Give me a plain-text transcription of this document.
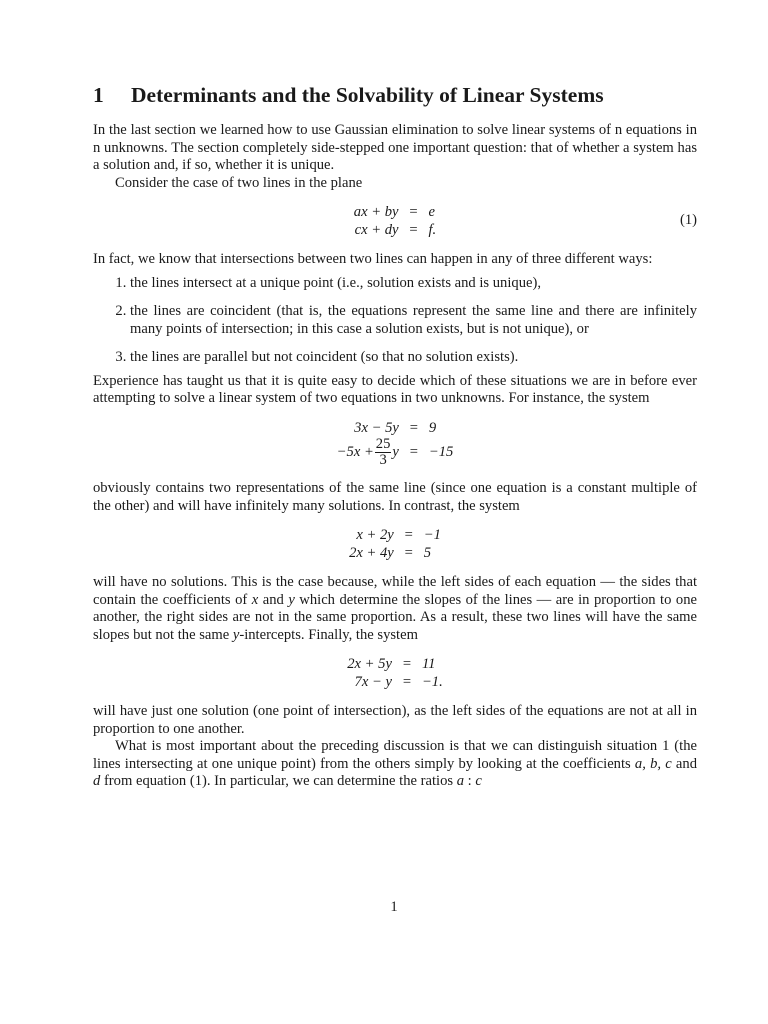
1 Determinants and the Solvability of Linear Systems

In the last section we learned how to use Gaussian elimination to solve linear systems of n equations in n unknowns. The section completely side-stepped one important question: that of whether a system has a solution and, if so, whether it is unique.

Consider the case of two lines in the plane

ax + by = e
cx + dy = f.
(1)

In fact, we know that intersections between two lines can happen in any of three different ways:

1. the lines intersect at a unique point (i.e., solution exists and is unique),
2. the lines are coincident (that is, the equations represent the same line and there are infinitely many points of intersection; in this case a solution exists, but is not unique), or
3. the lines are parallel but not coincident (so that no solution exists).

Experience has taught us that it is quite easy to decide which of these situations we are in before ever attempting to solve a linear system of two equations in two unknowns. For instance, the system

3x − 5y = 9
$-5x + \frac{25}{3}$ y = −15

obviously contains two representations of the same line (since one equation is a constant multiple of the other) and will have infinitely many solutions. In contrast, the system

x + 2y = −1
2x + 4y = 5

will have no solutions. This is the case because, while the left sides of each equation — the sides that contain the coefficients of x and y which determine the slopes of the lines — are in proportion to one another, the right sides are not in the same proportion. As a result, these two lines will have the same slopes but not the same y-intercepts. Finally, the system

2x + 5y = 11
7x − y = −1.

will have just one solution (one point of intersection), as the left sides of the equations are not at all in proportion to one another.

What is most important about the preceding discussion is that we can distinguish situation 1 (the lines intersecting at one unique point) from the others simply by looking at the coefficients a, b, c and d from equation (1). In particular, we can determine the ratios a : c

1
